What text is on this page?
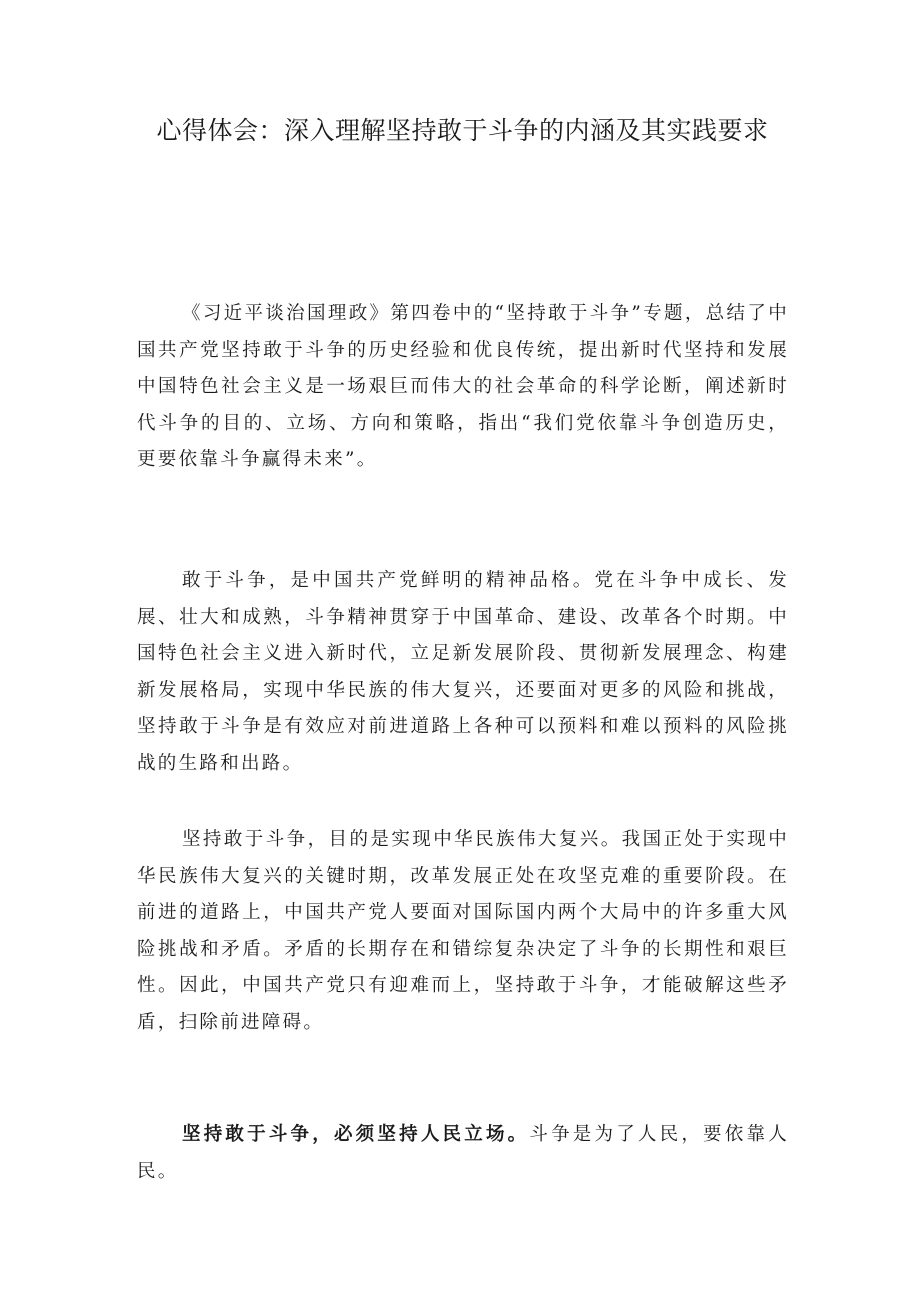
心得体会：深入理解坚持敢于斗争的内涵及其实践要求

《习近平谈治国理政》第四卷中的“坚持敢于斗争”专题，总结了中国共产党坚持敢于斗争的历史经验和优良传统，提出新时代坚持和发展中国特色社会主义是一场艰巨而伟大的社会革命的科学论断，阐述新时代斗争的目的、立场、方向和策略，指出“我们党依靠斗争创造历史，更要依靠斗争赢得未来”。

敢于斗争，是中国共产党鲜明的精神品格。党在斗争中成长、发展、壮大和成熟，斗争精神贯穿于中国革命、建设、改革各个时期。中国特色社会主义进入新时代，立足新发展阶段、贯彻新发展理念、构建新发展格局，实现中华民族的伟大复兴，还要面对更多的风险和挑战，坚持敢于斗争是有效应对前进道路上各种可以预料和难以预料的风险挑战的生路和出路。

坚持敢于斗争，目的是实现中华民族伟大复兴。我国正处于实现中华民族伟大复兴的关键时期，改革发展正处在攻坚克难的重要阶段。在前进的道路上，中国共产党人要面对国际国内两个大局中的许多重大风险挑战和矛盾。矛盾的长期存在和错综复杂决定了斗争的长期性和艰巨性。因此，中国共产党只有迎难而上，坚持敢于斗争，才能破解这些矛盾，扫除前进障碍。

坚持敢于斗争，必须坚持人民立场。斗争是为了人民，要依靠人民。
